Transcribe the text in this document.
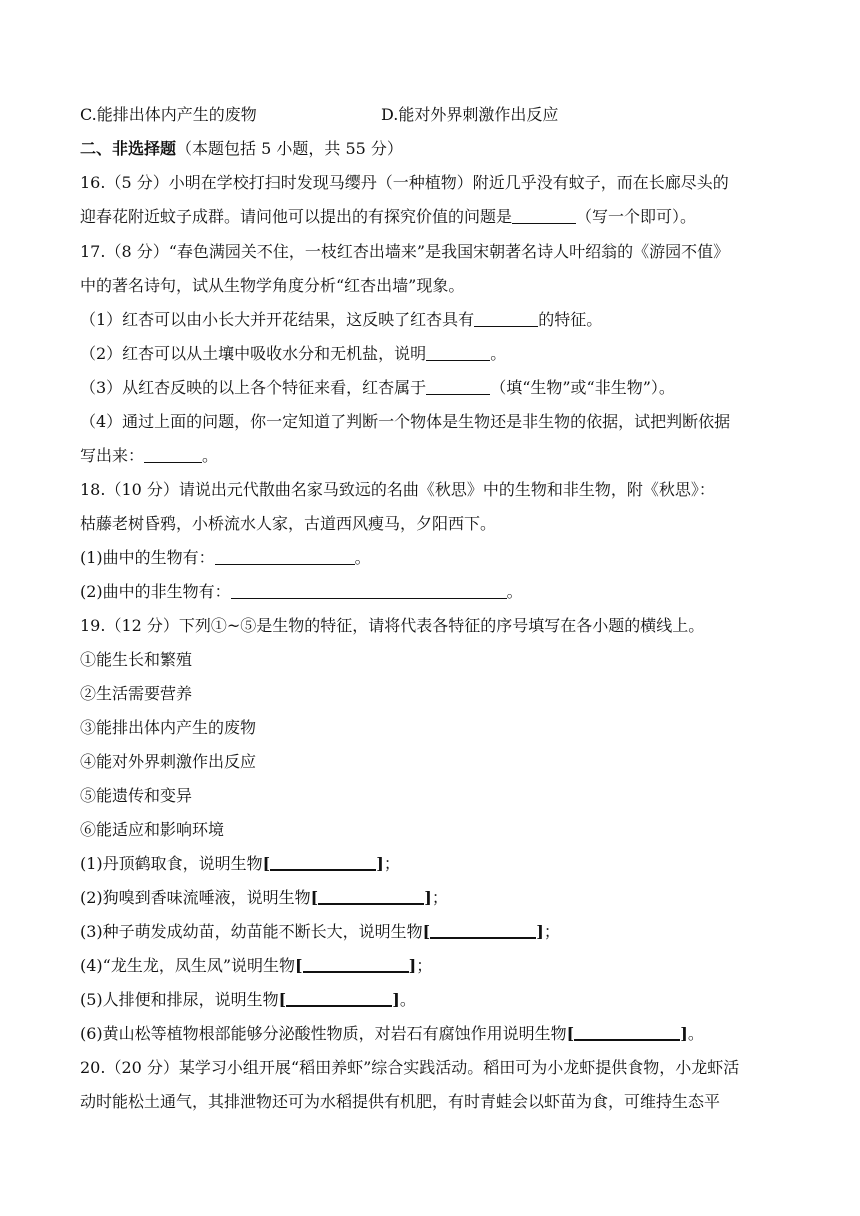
C.能排出体内产生的废物	D.能对外界刺激作出反应
二、非选择题（本题包括 5 小题，共 55 分）
16.（5 分）小明在学校打扫时发现马缨丹（一种植物）附近几乎没有蚊子，而在长廊尽头的
迎春花附近蚊子成群。请问他可以提出的有探究价值的问题是	（写一个即可）。
17.（8 分）“春色满园关不住，一枝红杏出墙来”是我国宋朝著名诗人叶绍翁的《游园不值》
中的著名诗句，试从生物学角度分析“红杏出墙”现象。
（1）红杏可以由小长大并开花结果，这反映了红杏具有	的特征。
（2）红杏可以从土壤中吸收水分和无机盐，说明	。
（3）从红杏反映的以上各个特征来看，红杏属于	（填“生物”或“非生物”）。
（4）通过上面的问题，你一定知道了判断一个物体是生物还是非生物的依据，试把判断依据
写出来：	。
18.（10 分）请说出元代散曲名家马致远的名曲《秋思》中的生物和非生物，附《秋思》：
枯藤老树昏鸦，小桥流水人家，古道西风瘦马，夕阳西下。
(1)曲中的生物有：	。
(2)曲中的非生物有：	。
19.（12 分）下列①~⑤是生物的特征，请将代表各特征的序号填写在各小题的横线上。
①能生长和繁殖
②生活需要营养
③能排出体内产生的废物
④能对外界刺激作出反应
⑤能遗传和变异
⑥能适应和影响环境
(1)丹顶鹤取食，说明生物[	]；
(2)狗嗅到香味流唾液，说明生物[	]；
(3)种子萌发成幼苗，幼苗能不断长大，说明生物[	]；
(4)“龙生龙，凤生凤”说明生物[	]；
(5)人排便和排尿，说明生物[	]。
(6)黄山松等植物根部能够分泌酸性物质，对岩石有腐蚀作用说明生物[	]。
20.（20 分）某学习小组开展“稻田养虾”综合实践活动。稻田可为小龙虾提供食物，小龙虾活
动时能松土通气，其排泄物还可为水稻提供有机肥，有时青蛙会以虾苗为食，可维持生态平
